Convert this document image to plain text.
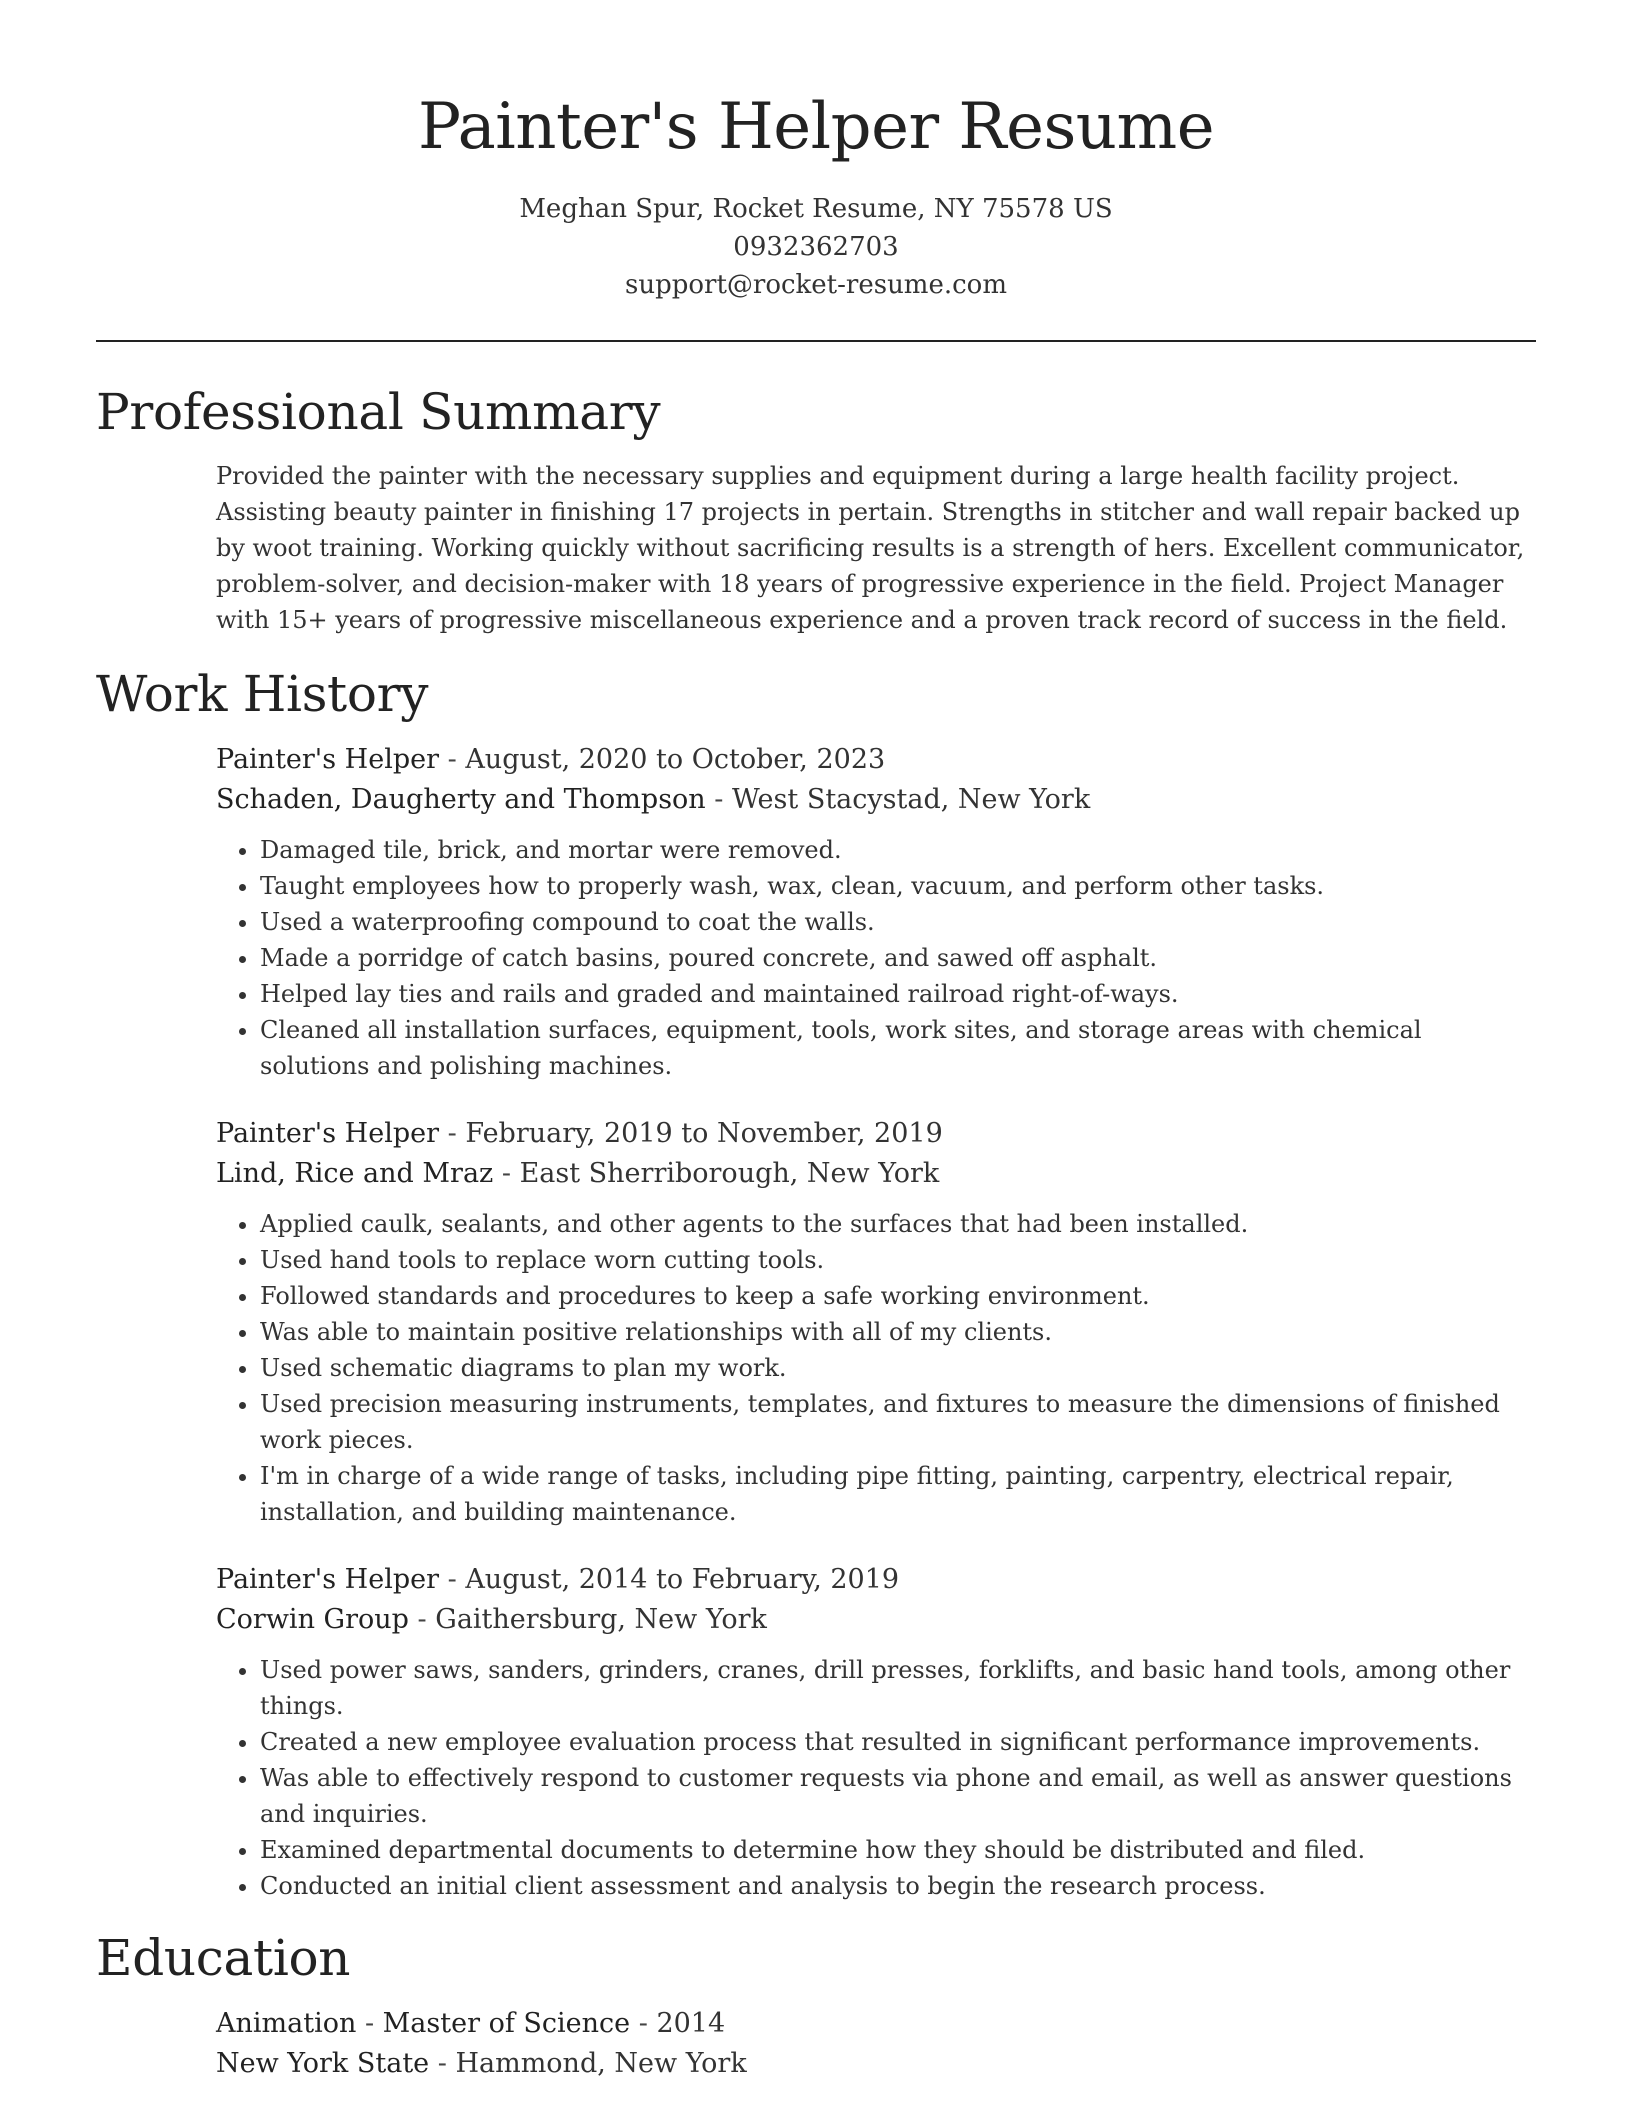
Painter's Helper Resume
Meghan Spur, Rocket Resume, NY 75578 US
0932362703
support@rocket-resume.com
Professional Summary
Provided the painter with the necessary supplies and equipment during a large health facility project. Assisting beauty painter in finishing 17 projects in pertain. Strengths in stitcher and wall repair backed up by woot training. Working quickly without sacrificing results is a strength of hers. Excellent communicator, problem-solver, and decision-maker with 18 years of progressive experience in the field. Project Manager with 15+ years of progressive miscellaneous experience and a proven track record of success in the field.
Work History
Painter's Helper - August, 2020 to October, 2023
Schaden, Daugherty and Thompson - West Stacystad, New York
• Damaged tile, brick, and mortar were removed.
• Taught employees how to properly wash, wax, clean, vacuum, and perform other tasks.
• Used a waterproofing compound to coat the walls.
• Made a porridge of catch basins, poured concrete, and sawed off asphalt.
• Helped lay ties and rails and graded and maintained railroad right-of-ways.
• Cleaned all installation surfaces, equipment, tools, work sites, and storage areas with chemical solutions and polishing machines.
Painter's Helper - February, 2019 to November, 2019
Lind, Rice and Mraz - East Sherriborough, New York
• Applied caulk, sealants, and other agents to the surfaces that had been installed.
• Used hand tools to replace worn cutting tools.
• Followed standards and procedures to keep a safe working environment.
• Was able to maintain positive relationships with all of my clients.
• Used schematic diagrams to plan my work.
• Used precision measuring instruments, templates, and fixtures to measure the dimensions of finished work pieces.
• I'm in charge of a wide range of tasks, including pipe fitting, painting, carpentry, electrical repair, installation, and building maintenance.
Painter's Helper - August, 2014 to February, 2019
Corwin Group - Gaithersburg, New York
• Used power saws, sanders, grinders, cranes, drill presses, forklifts, and basic hand tools, among other things.
• Created a new employee evaluation process that resulted in significant performance improvements.
• Was able to effectively respond to customer requests via phone and email, as well as answer questions and inquiries.
• Examined departmental documents to determine how they should be distributed and filed.
• Conducted an initial client assessment and analysis to begin the research process.
Education
Animation - Master of Science - 2014
New York State - Hammond, New York
